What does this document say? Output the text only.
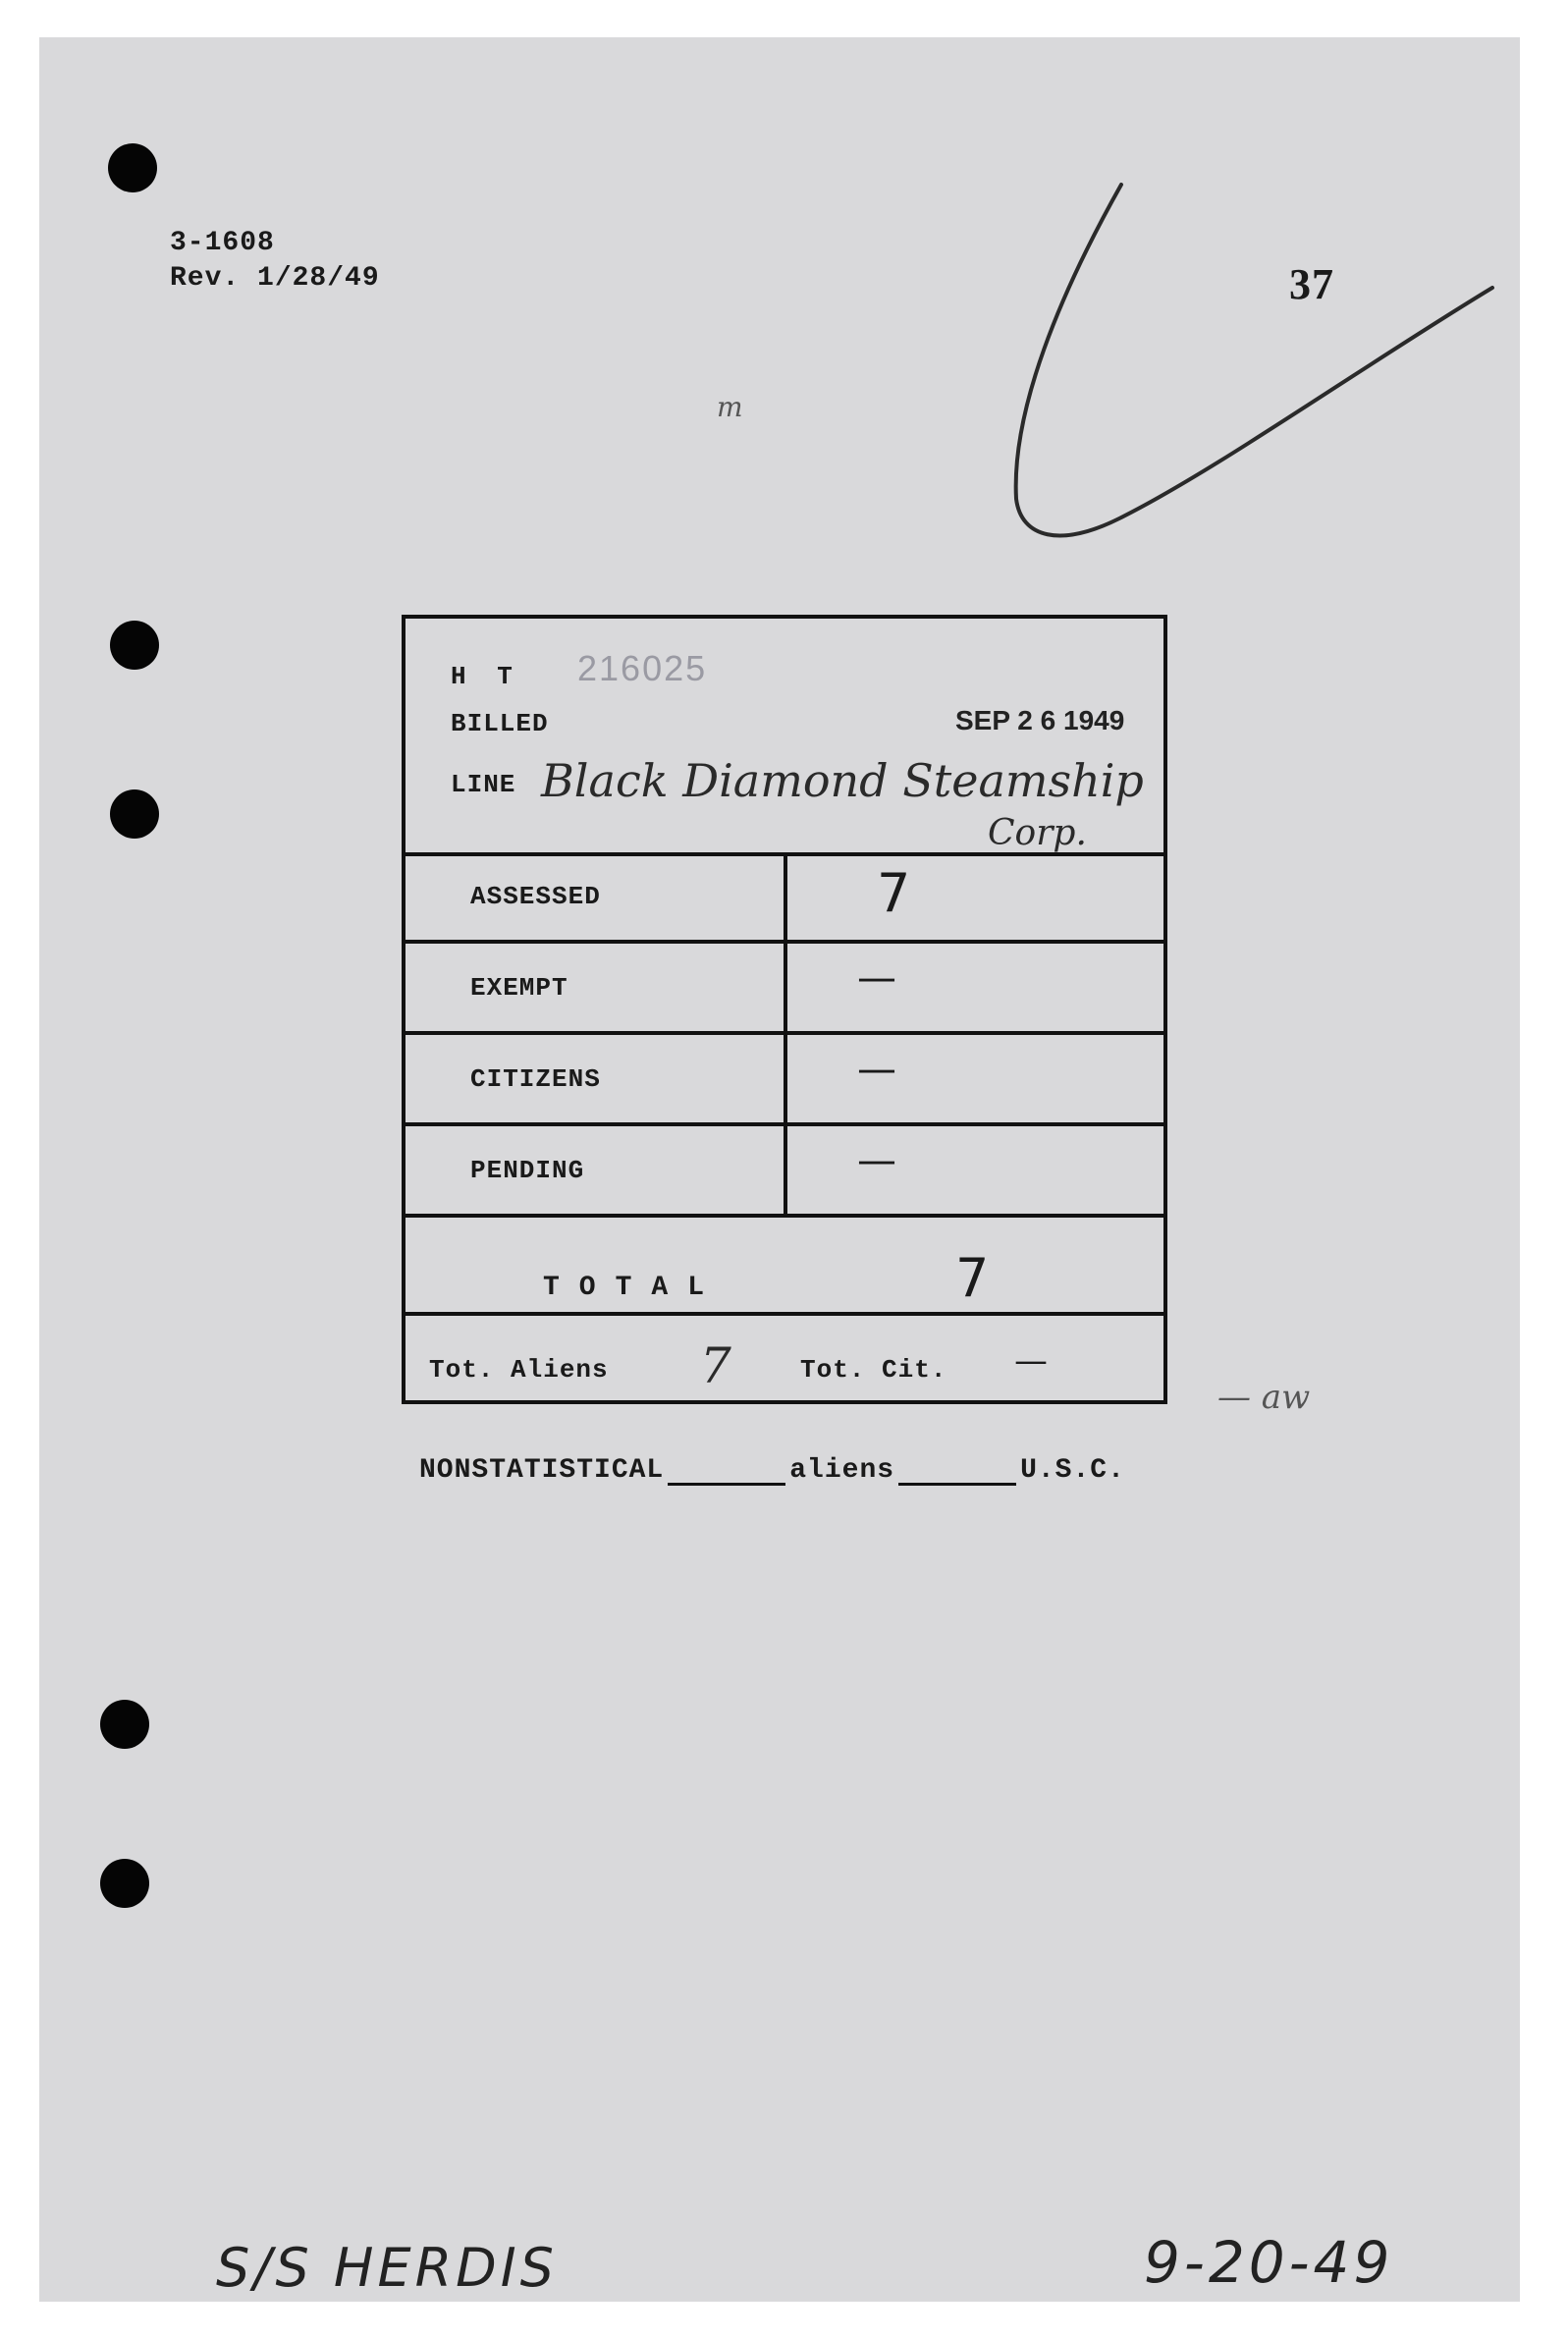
3-1608
Rev. 1/28/49	37
m
H T 216025
BILLED	SEP 2 6 1949
LINE Black Diamond Steamship
Corp.
ASSESSED	7
EXEMPT	—
CITIZENS	—
PENDING	—
TOTAL	7
Tot. Aliens 7	Tot. Cit. —
— aw
NONSTATISTICAL	aliens	U.S.C.
S/S HERDIS	9-20-49
